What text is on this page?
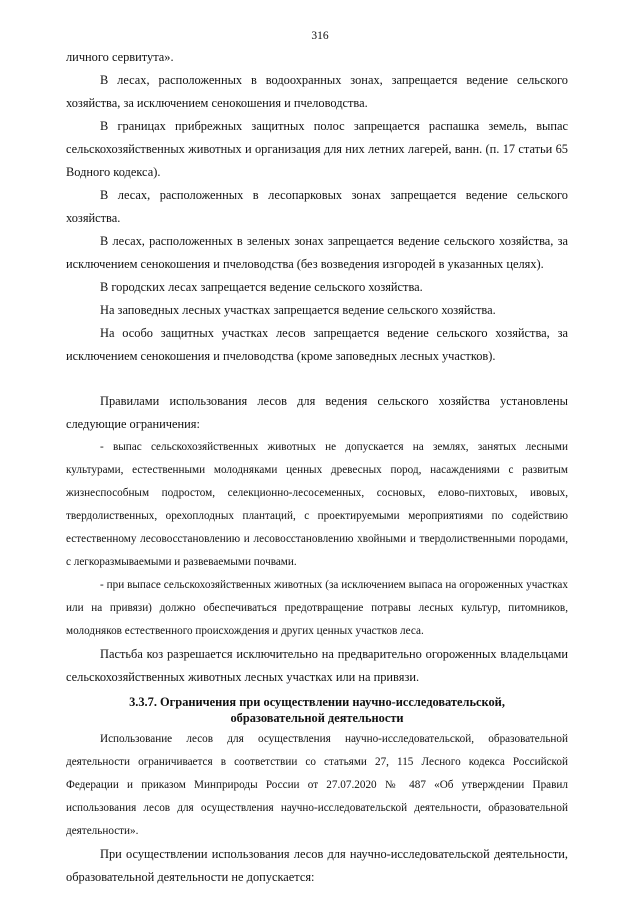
316

личного сервитута».

В лесах, расположенных в водоохранных зонах, запрещается ведение сельского хозяйства, за исключением сенокошения и пчеловодства.

В границах прибрежных защитных полос запрещается распашка земель, выпас сельскохозяйственных животных и организация для них летних лагерей, ванн. (п. 17 статьи 65 Водного кодекса).

В лесах, расположенных в лесопарковых зонах запрещается ведение сельского хозяйства.

В лесах, расположенных в зеленых зонах запрещается ведение сельского хозяйства, за исключением сенокошения и пчеловодства (без возведения изгородей в указанных целях).

В городских лесах запрещается ведение сельского хозяйства.

На заповедных лесных участках запрещается ведение сельского хозяйства.

На особо защитных участках лесов запрещается ведение сельского хозяйства, за исключением сенокошения и пчеловодства (кроме заповедных лесных участков).

Правилами использования лесов для ведения сельского хозяйства установлены следующие ограничения:

- выпас сельскохозяйственных животных не допускается на землях, занятых лесными культурами, естественными молодняками ценных древесных пород, насаждениями с развитым жизнеспособным подростом, селекционно-лесосеменных, сосновых, елово-пихтовых, ивовых, твердолиственных, орехоплодных плантаций, с проектируемыми мероприятиями по содействию естественному лесовосстановлению и лесовосстановлению хвойными и твердолиственными породами, с легкоразмываемыми и развеваемыми почвами.

- при выпасе сельскохозяйственных животных (за исключением выпаса на огороженных участках или на привязи) должно обеспечиваться предотвращение потравы лесных культур, питомников, молодняков естественного происхождения и других ценных участков леса.

Пастьба коз разрешается исключительно на предварительно огороженных владельцами сельскохозяйственных животных лесных участках или на привязи.

3.3.7. Ограничения при осуществлении научно-исследовательской,
образовательной деятельности

Использование лесов для осуществления научно-исследовательской, образовательной деятельности ограничивается в соответствии со статьями 27, 115 Лесного кодекса Российской Федерации и приказом Минприроды России от 27.07.2020 № 487 «Об утверждении Правил использования лесов для осуществления научно-исследовательской деятельности, образовательной деятельности».

При осуществлении использования лесов для научно-исследовательской деятельности, образовательной деятельности не допускается:
